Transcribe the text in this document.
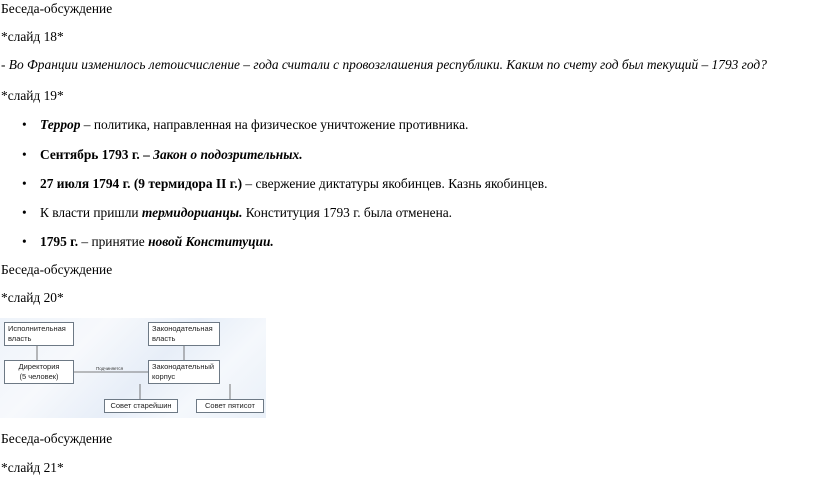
Беседа-обсуждение
*слайд 18*
- Во Франции изменилось летоисчисление – года считали с провозглашения республики. Каким по счету год был текущий – 1793 год?
*слайд 19*
• Террор – политика, направленная на физическое уничтожение противника.
• Сентябрь 1793 г. – Закон о подозрительных.
• 27 июля 1794 г. (9 термидора II г.) – свержение диктатуры якобинцев. Казнь якобинцев.
• К власти пришли термидорианцы. Конституция 1793 г. была отменена.
• 1795 г. – принятие новой Конституции.
Беседа-обсуждение
*слайд 20*
Исполнительная
власть
Законодательная
власть
Директория
(5 человек)
Подчиняется	Законодательный
корпус
Совет старейшин	Совет пятисот
Беседа-обсуждение
*слайд 21*
